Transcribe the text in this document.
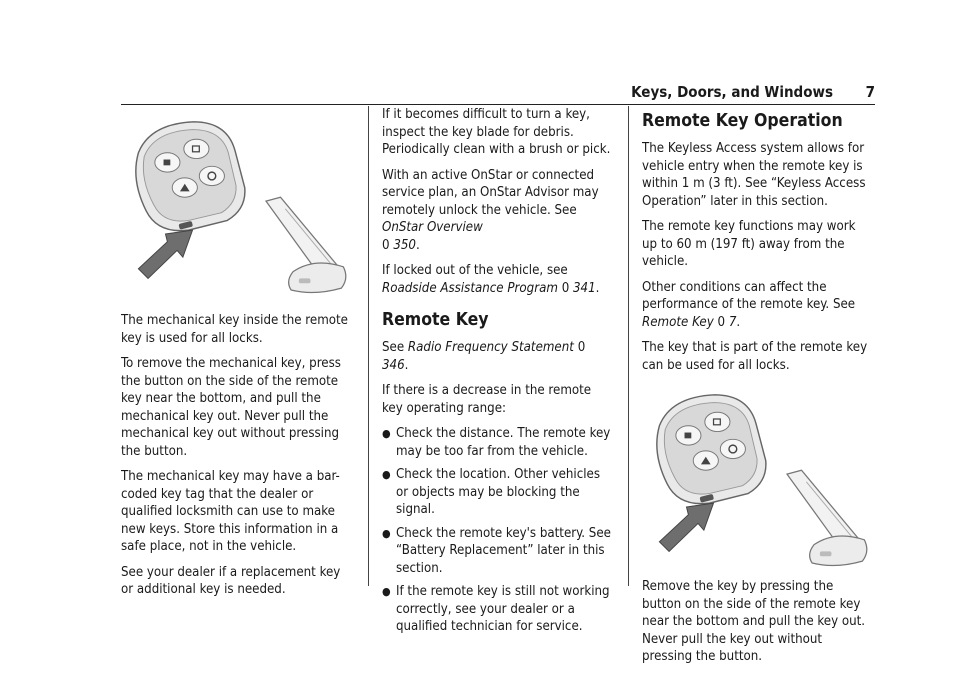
Keys, Doors, and Windows 7

The mechanical key inside the remote key is used for all locks.

To remove the mechanical key, press the button on the side of the remote key near the bottom, and pull the mechanical key out. Never pull the mechanical key out without pressing the button.

The mechanical key may have a bar-coded key tag that the dealer or qualified locksmith can use to make new keys. Store this information in a safe place, not in the vehicle.

See your dealer if a replacement key or additional key is needed.

If it becomes difficult to turn a key, inspect the key blade for debris. Periodically clean with a brush or pick.

With an active OnStar or connected service plan, an OnStar Advisor may remotely unlock the vehicle. See OnStar Overview
0 350.

If locked out of the vehicle, see Roadside Assistance Program 0 341.

Remote Key

See Radio Frequency Statement 0 346.

If there is a decrease in the remote key operating range:

● Check the distance. The remote key may be too far from the vehicle.
● Check the location. Other vehicles or objects may be blocking the signal.
● Check the remote key's battery. See “Battery Replacement” later in this section.
● If the remote key is still not working correctly, see your dealer or a qualified technician for service.
Remote Key Operation

The Keyless Access system allows for vehicle entry when the remote key is within 1 m (3 ft). See “Keyless Access Operation” later in this section.

The remote key functions may work up to 60 m (197 ft) away from the vehicle.

Other conditions can affect the performance of the remote key. See Remote Key 0 7.

The key that is part of the remote key can be used for all locks.

Remove the key by pressing the button on the side of the remote key near the bottom and pull the key out. Never pull the key out without pressing the button.
